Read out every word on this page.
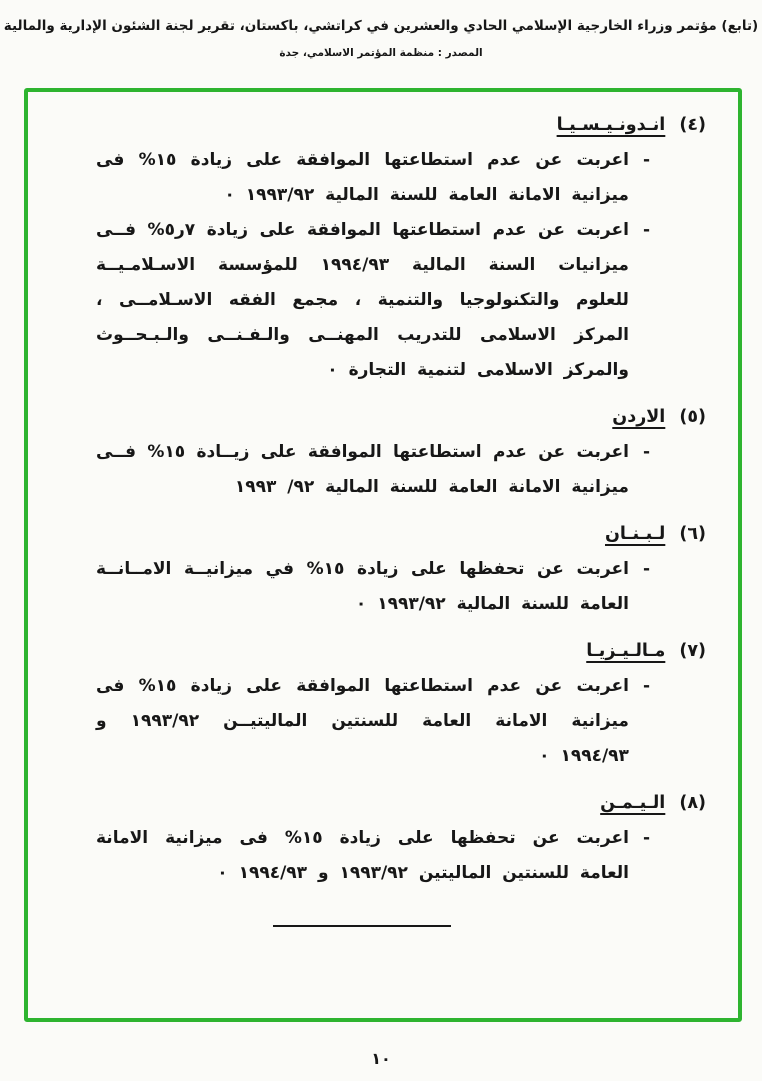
(تابع) مؤتمر وزراء الخارجية الإسلامي الحادي والعشرين في كراتشي، باكستان، تقرير لجنة الشئون الإدارية والمالية
المصدر : منظمة المؤتمر الاسلامي، جدة
(٤)
انـدونـيـسـيـا
-
اعربت عن عدم استطاعتها الموافقة على زيادة ١٥% فى ميزانية الامانة العامة للسنة المالية ١٩٩٣/٩٢ ٠
-
اعربت عن عدم استطاعتها الموافقة على زيادة ٧ر٥% فــى ميزانيات السنة المالية ١٩٩٤/٩٣ للمؤسسة الاسـلامـيــة للعلوم والتكنولوجيا والتنمية ، مجمع الفقه الاسـلامــى ، المركز الاسلامى للتدريب المهنــى والـفـنــى والـبـحــوث والمركز الاسلامى لتنمية التجارة ٠
(٥)
الاردن
-
اعربت عن عدم استطاعتها الموافقة على زيــادة ١٥% فــى ميزانية الامانة العامة للسنة المالية ٩٢/ ١٩٩٣
(٦)
لـبـنـان
-
اعربت عن تحفظها على زيادة ١٥% في ميزانيــة الامــانــة العامة للسنة المالية ١٩٩٣/٩٢ ٠
(٧)
مـالـيـزيـا
-
اعربت عن عدم استطاعتها الموافقة على زيادة ١٥% فى ميزانية الامانة العامة للسنتين الماليتيــن ١٩٩٣/٩٢ و ١٩٩٤/٩٣ ٠
(٨)
الـيـمـن
-
اعربت عن تحفظها على زيادة ١٥% فى ميزانية الامانة العامة للسنتين الماليتين ١٩٩٣/٩٢ و ١٩٩٤/٩٣ ٠
١٠
